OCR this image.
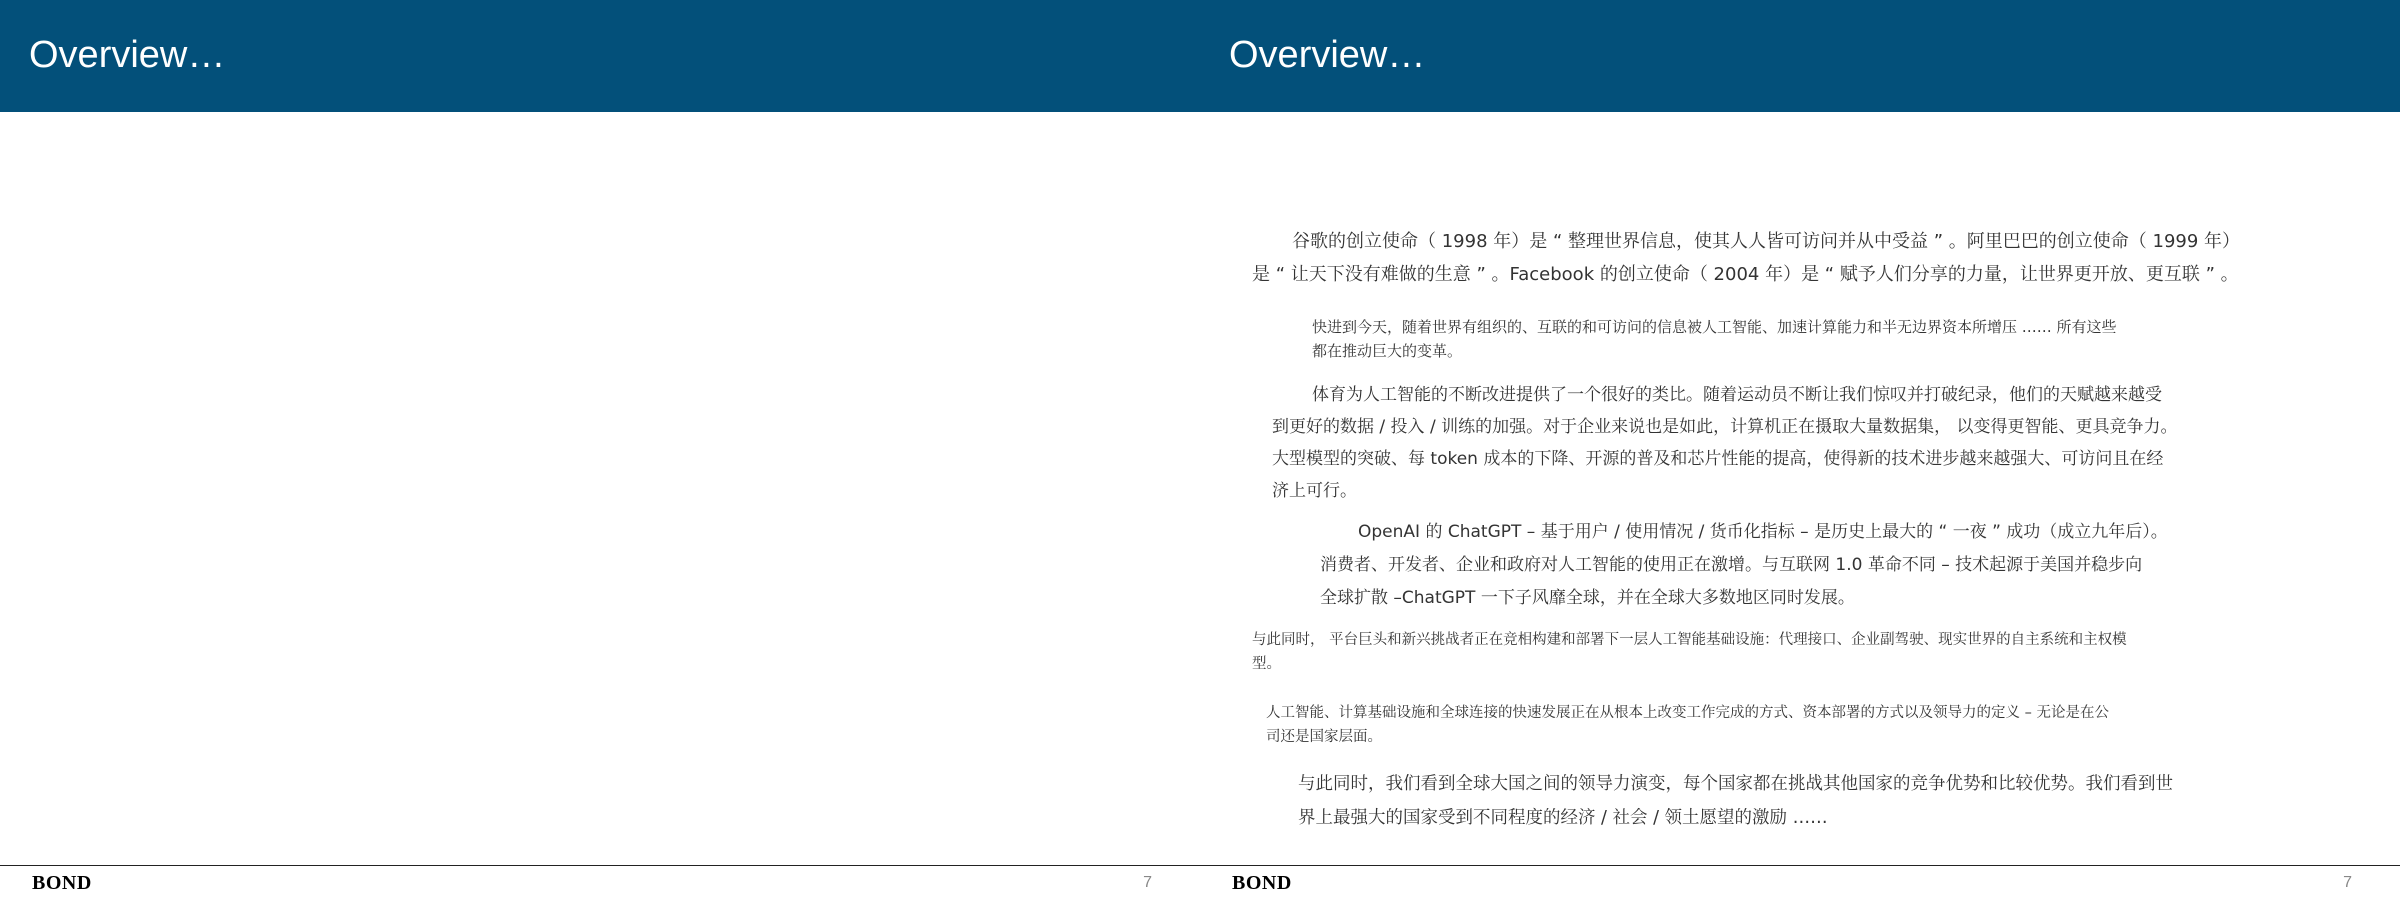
Overview…
BOND	7
Overview…
谷歌的创立使命（ 1998 年）是 “ 整理世界信息，使其人人皆可访问并从中受益 ” 。阿里巴巴的创立使命（ 1999 年）
是 “ 让天下没有难做的生意 ” 。Facebook 的创立使命（ 2004 年）是 “ 赋予人们分享的力量，让世界更开放、更互联 ” 。
快进到今天，随着世界有组织的、互联的和可访问的信息被人工智能、加速计算能力和半无边界资本所增压 …… 所有这些
都在推动巨大的变革。
体育为人工智能的不断改进提供了一个很好的类比。随着运动员不断让我们惊叹并打破纪录，他们的天赋越来越受
到更好的数据 / 投入 / 训练的加强。对于企业来说也是如此，计算机正在摄取大量数据集， 以变得更智能、更具竞争力。
大型模型的突破、每 token 成本的下降、开源的普及和芯片性能的提高，使得新的技术进步越来越强大、可访问且在经
济上可行。
OpenAI 的 ChatGPT – 基于用户 / 使用情况 / 货币化指标 – 是历史上最大的 “ 一夜 ” 成功（成立九年后）。
消费者、开发者、企业和政府对人工智能的使用正在激增。与互联网 1.0 革命不同 – 技术起源于美国并稳步向
全球扩散 –ChatGPT 一下子风靡全球，并在全球大多数地区同时发展。
与此同时， 平台巨头和新兴挑战者正在竞相构建和部署下一层人工智能基础设施：代理接口、企业副驾驶、现实世界的自主系统和主权模
型。
人工智能、计算基础设施和全球连接的快速发展正在从根本上改变工作完成的方式、资本部署的方式以及领导力的定义 – 无论是在公
司还是国家层面。
与此同时，我们看到全球大国之间的领导力演变，每个国家都在挑战其他国家的竞争优势和比较优势。我们看到世
界上最强大的国家受到不同程度的经济 / 社会 / 领土愿望的激励 ……
BOND	7
